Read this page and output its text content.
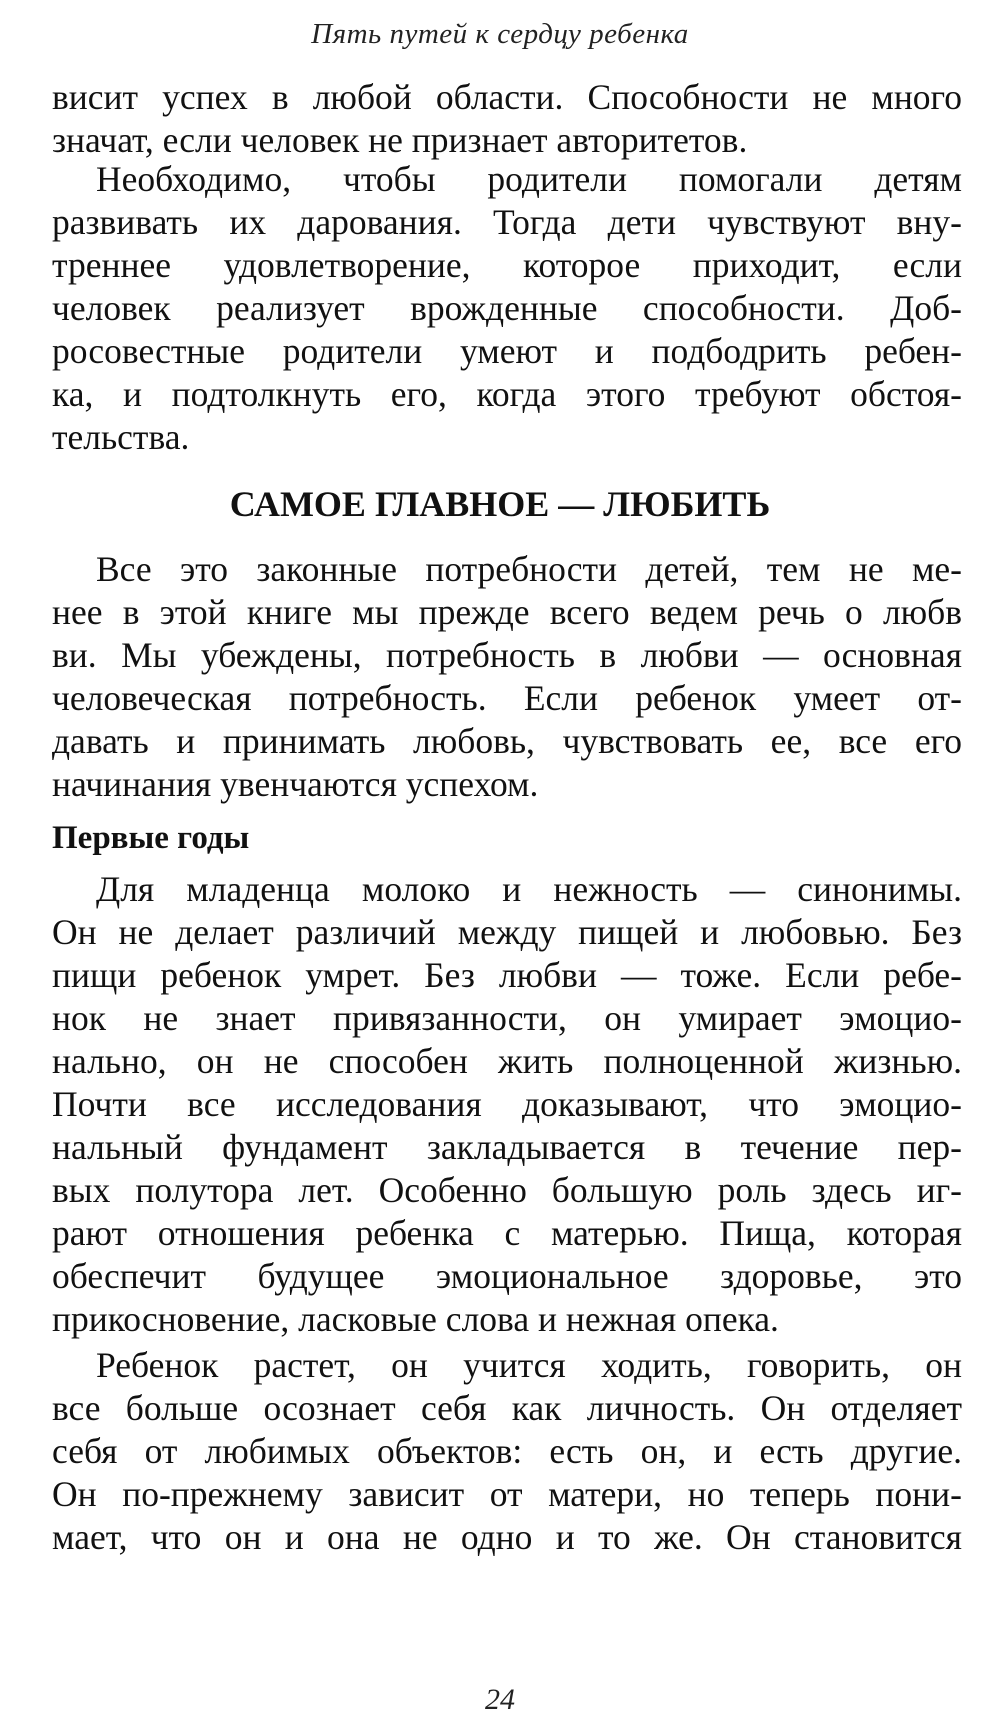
Пять путей к сердцу ребенка
висит успех в любой области. Способности не много
значат, если человек не признает авторитетов.
Необходимо, чтобы родители помогали детям
развивать их дарования. Тогда дети чувствуют вну-
треннее удовлетворение, которое приходит, если
человек реализует врожденные способности. Доб-
росовестные родители умеют и подбодрить ребен-
ка, и подтолкнуть его, когда этого требуют обстоя-
тельства.
САМОЕ ГЛАВНОЕ — ЛЮБИТЬ
Все это законные потребности детей, тем не ме-
нее в этой книге мы прежде всего ведем речь о любв
ви. Мы убеждены, потребность в любви — основная
человеческая потребность. Если ребенок умеет от-
давать и принимать любовь, чувствовать ее, все его
начинания увенчаются успехом.
Первые годы
Для младенца молоко и нежность — синонимы.
Он не делает различий между пищей и любовью. Без
пищи ребенок умрет. Без любви — тоже. Если ребе-
нок не знает привязанности, он умирает эмоцио-
нально, он не способен жить полноценной жизнью.
Почти все исследования доказывают, что эмоцио-
нальный фундамент закладывается в течение пер-
вых полутора лет. Особенно большую роль здесь иг-
рают отношения ребенка с матерью. Пища, которая
обеспечит будущее эмоциональное здоровье, это
прикосновение, ласковые слова и нежная опека.
Ребенок растет, он учится ходить, говорить, он
все больше осознает себя как личность. Он отделяет
себя от любимых объектов: есть он, и есть другие.
Он по-прежнему зависит от матери, но теперь пони-
мает, что он и она не одно и то же. Он становится
24
